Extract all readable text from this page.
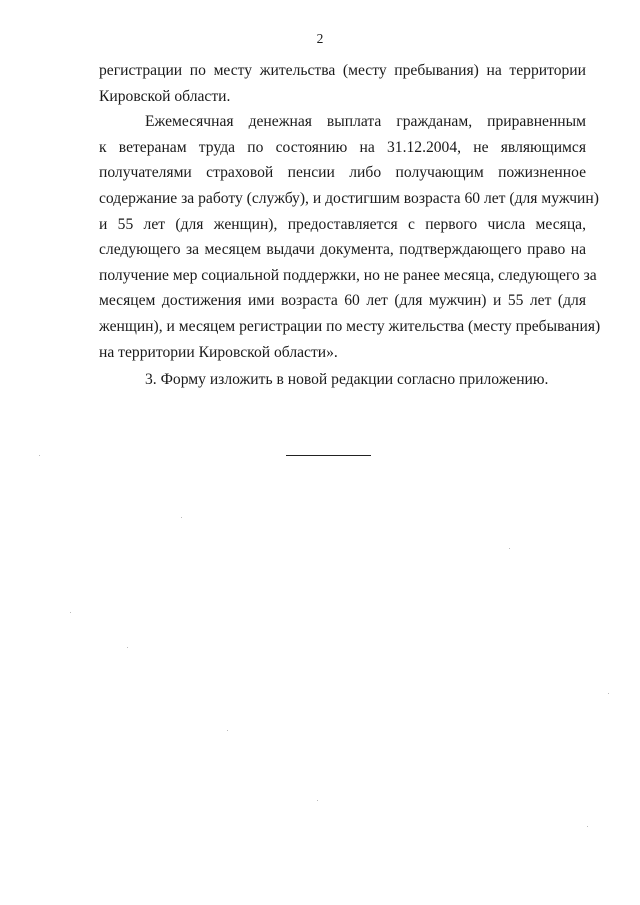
2
регистрации по месту жительства (месту пребывания) на территории
Кировской области.
Ежемесячная денежная выплата гражданам, приравненным
к ветеранам труда по состоянию на 31.12.2004, не являющимся
получателями страховой пенсии либо получающим пожизненное
содержание за работу (службу), и достигшим возраста 60 лет (для мужчин)
и 55 лет (для женщин), предоставляется с первого числа месяца,
следующего за месяцем выдачи документа, подтверждающего право на
получение мер социальной поддержки, но не ранее месяца, следующего за
месяцем достижения ими возраста 60 лет (для мужчин) и 55 лет (для
женщин), и месяцем регистрации по месту жительства (месту пребывания)
на территории Кировской области».
3. Форму изложить в новой редакции согласно приложению.
